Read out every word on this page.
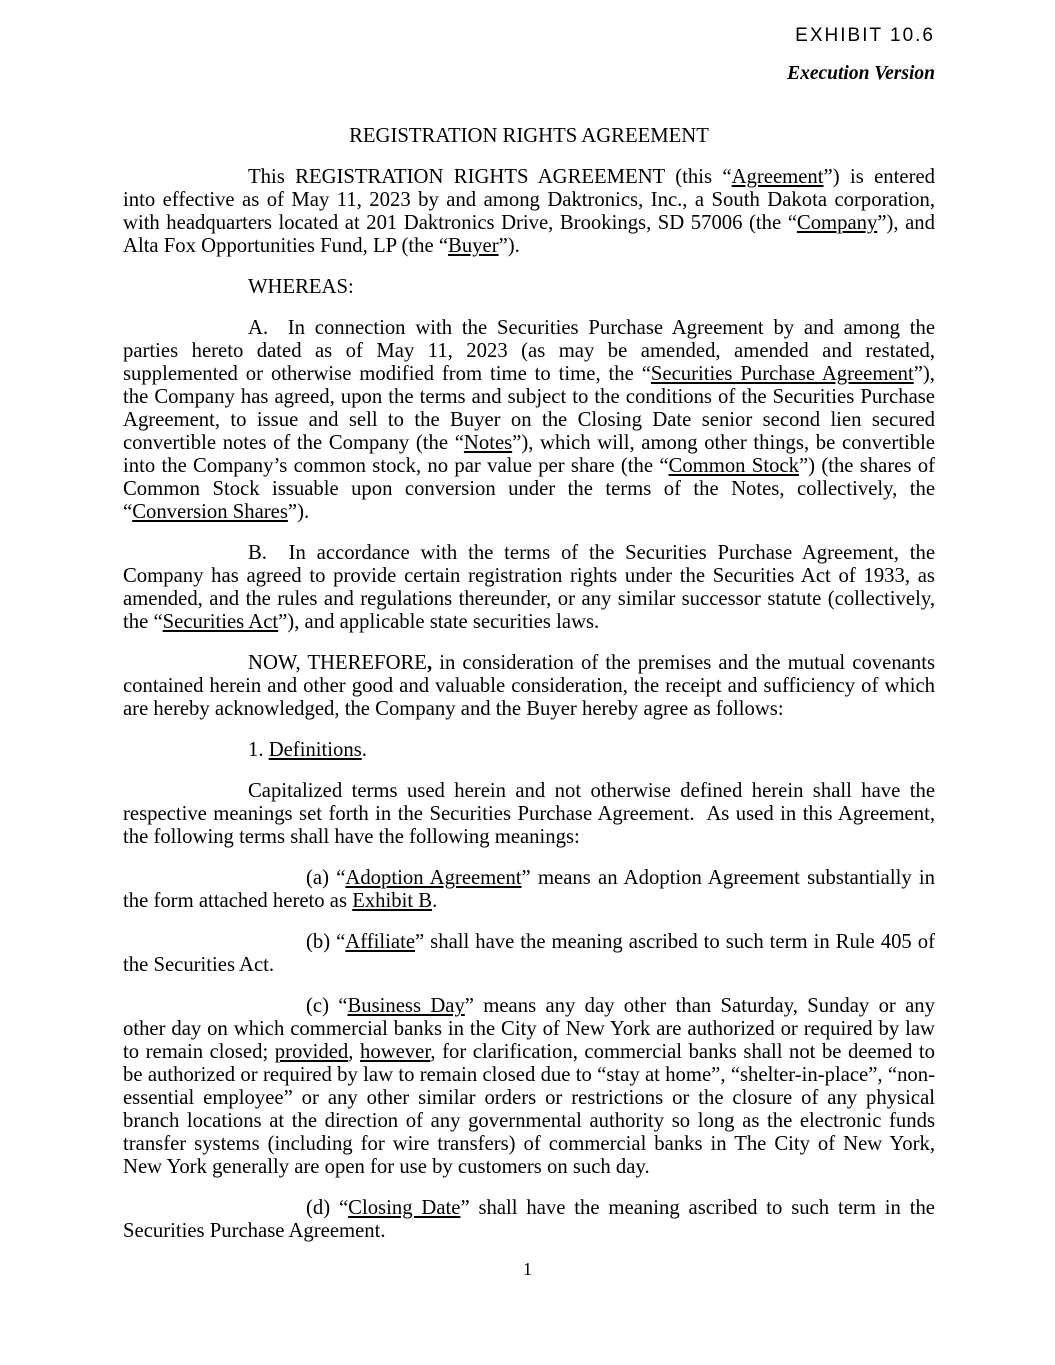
EXHIBIT 10.6
Execution Version
REGISTRATION RIGHTS AGREEMENT

This REGISTRATION RIGHTS AGREEMENT (this “Agreement”) is entered into effective as of May 11, 2023 by and among Daktronics, Inc., a South Dakota corporation, with headquarters located at 201 Daktronics Drive, Brookings, SD 57006 (the “Company”), and Alta Fox Opportunities Fund, LP (the “Buyer”).

WHEREAS:

A.  In connection with the Securities Purchase Agreement by and among the parties hereto dated as of May 11, 2023 (as may be amended, amended and restated, supplemented or otherwise modified from time to time, the “Securities Purchase Agreement”), the Company has agreed, upon the terms and subject to the conditions of the Securities Purchase Agreement, to issue and sell to the Buyer on the Closing Date senior second lien secured convertible notes of the Company (the “Notes”), which will, among other things, be convertible into the Company’s common stock, no par value per share (the “Common Stock”) (the shares of Common Stock issuable upon conversion under the terms of the Notes, collectively, the “Conversion Shares”).

B.  In accordance with the terms of the Securities Purchase Agreement, the Company has agreed to provide certain registration rights under the Securities Act of 1933, as amended, and the rules and regulations thereunder, or any similar successor statute (collectively, the “Securities Act”), and applicable state securities laws.

NOW, THEREFORE, in consideration of the premises and the mutual covenants contained herein and other good and valuable consideration, the receipt and sufficiency of which are hereby acknowledged, the Company and the Buyer hereby agree as follows:

1. Definitions.

Capitalized terms used herein and not otherwise defined herein shall have the respective meanings set forth in the Securities Purchase Agreement.  As used in this Agreement, the following terms shall have the following meanings:

(a) “Adoption Agreement” means an Adoption Agreement substantially in the form attached hereto as Exhibit B.

(b) “Affiliate” shall have the meaning ascribed to such term in Rule 405 of the Securities Act.

(c) “Business Day” means any day other than Saturday, Sunday or any other day on which commercial banks in the City of New York are authorized or required by law to remain closed; provided, however, for clarification, commercial banks shall not be deemed to be authorized or required by law to remain closed due to “stay at home”, “shelter-in-place”, “non-essential employee” or any other similar orders or restrictions or the closure of any physical branch locations at the direction of any governmental authority so long as the electronic funds transfer systems (including for wire transfers) of commercial banks in The City of New York, New York generally are open for use by customers on such day.

(d) “Closing Date” shall have the meaning ascribed to such term in the Securities Purchase Agreement.

1
